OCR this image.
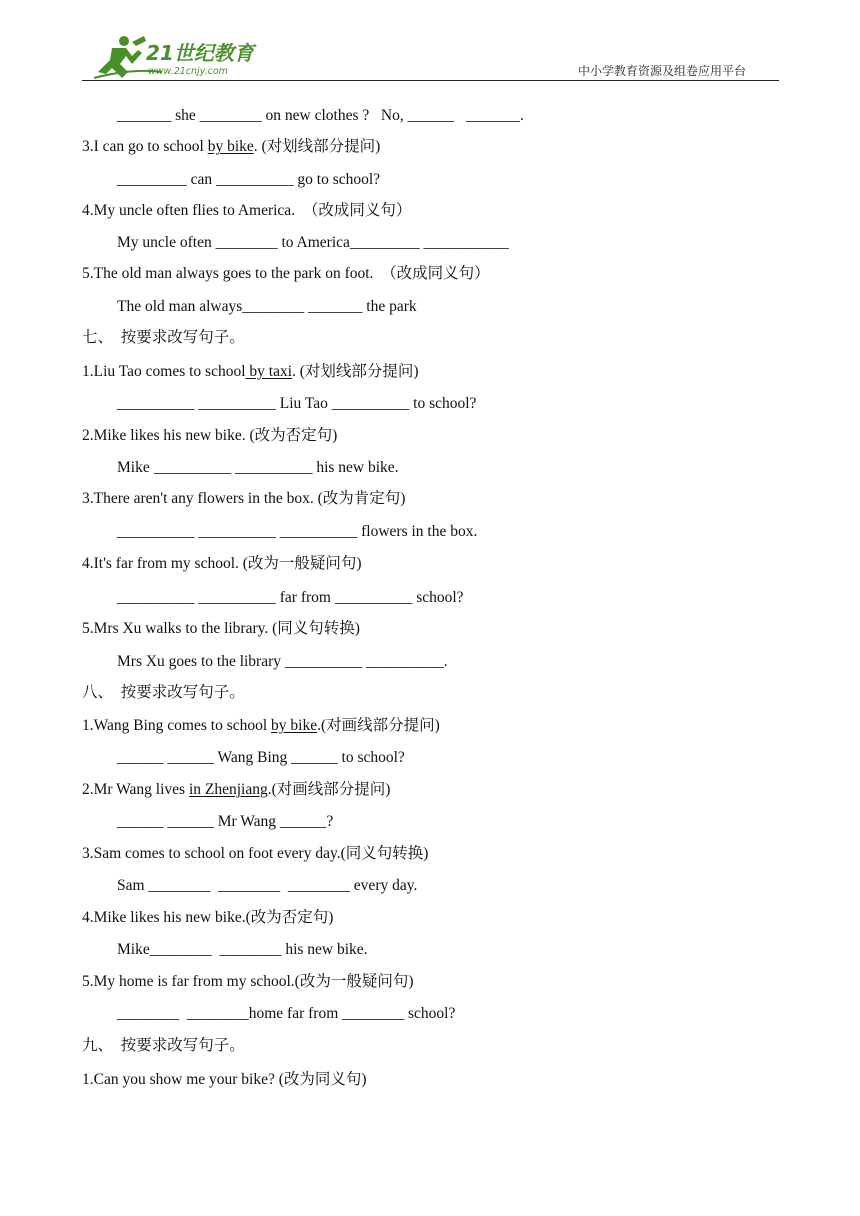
21世纪教育
www.21cnjy.com	中小学教育资源及组卷应用平台
_______ she ________ on new clothes ?   No, ______   _______.
3.I can go to school by bike. (对划线部分提问)
_________ can __________ go to school?
4.My uncle often flies to America.  （改成同义句）
My uncle often ________ to America_________ ___________
5.The old man always goes to the park on foot.  （改成同义句）
The old man always________ _______ the park
七、  按要求改写句子。
1.Liu Tao comes to school by taxi. (对划线部分提问)
__________ __________ Liu Tao __________ to school?
2.Mike likes his new bike. (改为否定句)
Mike __________ __________ his new bike.
3.There aren't any flowers in the box. (改为肯定句)
__________ __________ __________ flowers in the box.
4.It's far from my school. (改为一般疑问句)
__________ __________ far from __________ school?
5.Mrs Xu walks to the library. (同义句转换)
Mrs Xu goes to the library __________ __________.
八、  按要求改写句子。
1.Wang Bing comes to school by bike.(对画线部分提问)
______ ______ Wang Bing ______ to school?
2.Mr Wang lives in Zhenjiang.(对画线部分提问)
______ ______ Mr Wang ______?
3.Sam comes to school on foot every day.(同义句转换)
Sam ________  ________  ________ every day.
4.Mike likes his new bike.(改为否定句)
Mike________  ________ his new bike.
5.My home is far from my school.(改为一般疑问句)
________  ________home far from ________ school?
九、  按要求改写句子。
1.Can you show me your bike? (改为同义句)
